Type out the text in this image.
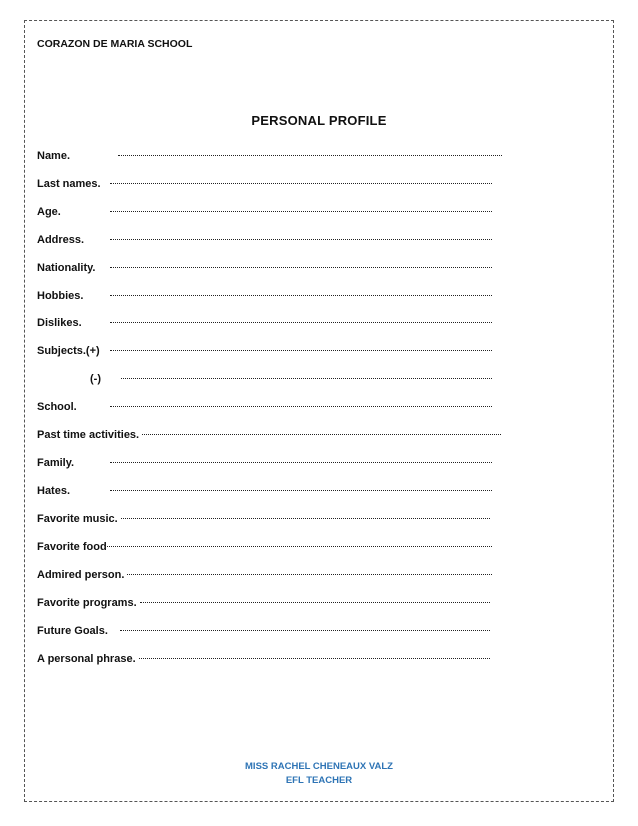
CORAZON DE MARIA SCHOOL
PERSONAL PROFILE
Name.
Last names.
Age.
Address.
Nationality.
Hobbies.
Dislikes.
Subjects.(+)
(-)
School.
Past time activities.
Family.
Hates.
Favorite music.
Favorite food
Admired person.
Favorite programs.
Future Goals.
A personal phrase.
MISS RACHEL CHENEAUX VALZ
EFL TEACHER
